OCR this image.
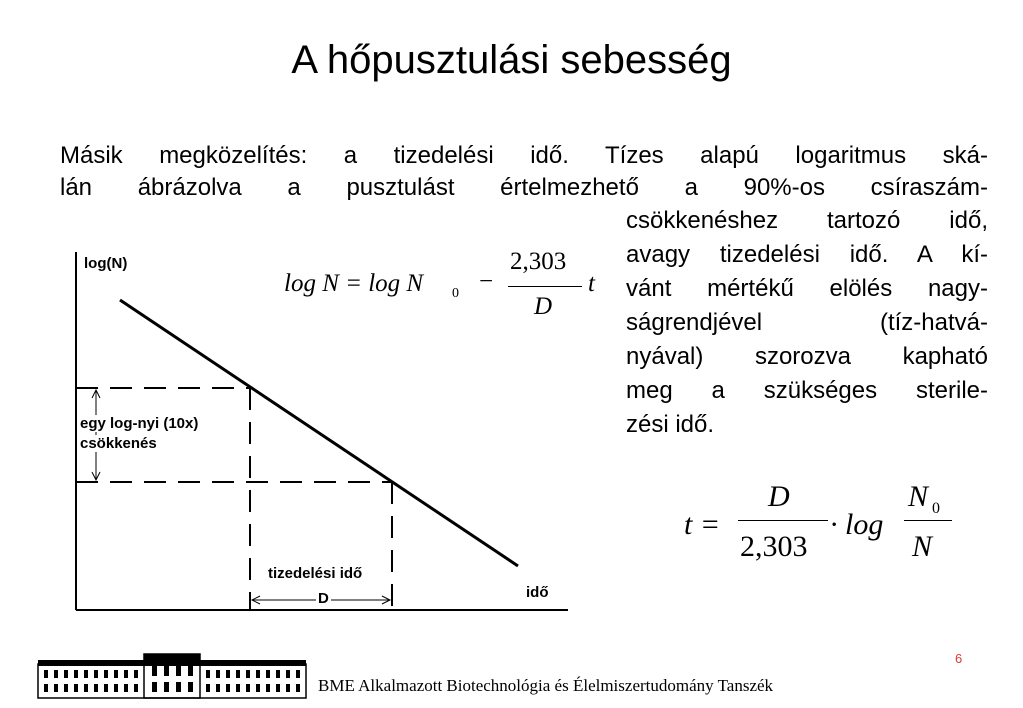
A hőpusztulási sebesség
Másik megközelítés: a tizedelési idő. Tízes alapú logaritmus ská-
lán ábrázolva a pusztulást értelmezhető a 90%-os csíraszám-
csökkenéshez tartozó idő,
avagy tizedelési idő. A kí-
vánt mértékű elölés nagy-
ságrendjével (tíz-hatvá-
nyával) szorozva kapható
meg a szükséges sterile-
zési idő.
log(N)
egy log-nyi (10x)
csökkenés
tizedelési idő
D	idő
log N = log N 0 −
2,303
D
t
t =
D
2,303
· log
N 0
N
6
BME Alkalmazott Biotechnológia és Élelmiszertudomány Tanszék
